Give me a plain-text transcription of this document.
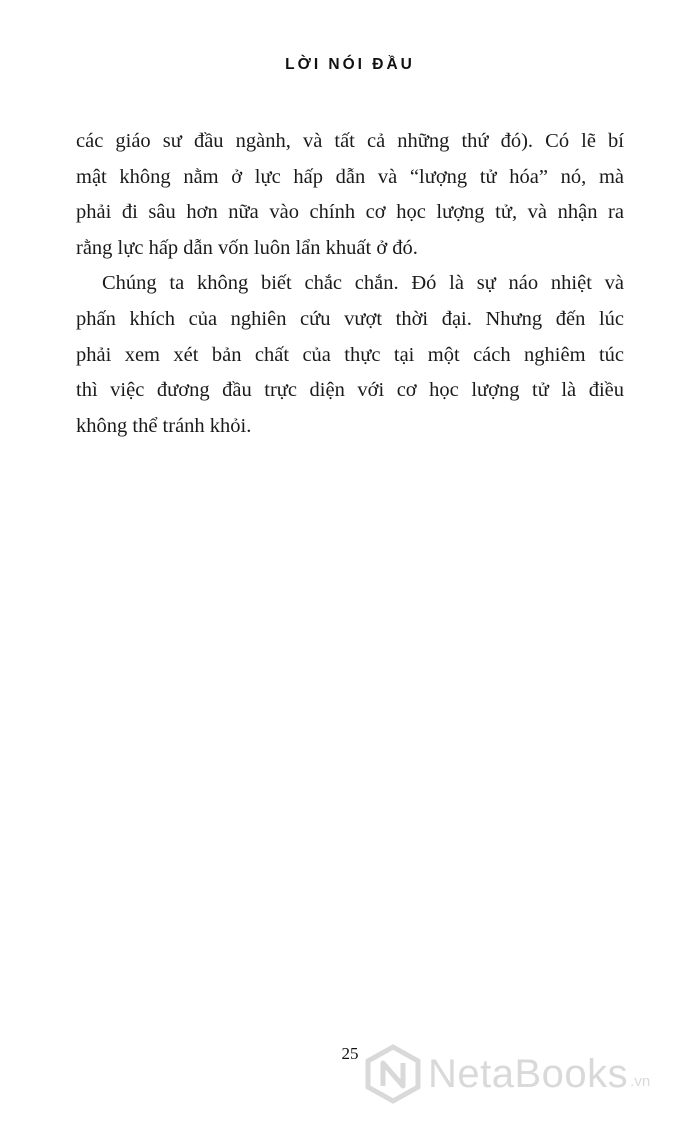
LỜI NÓI ĐẦU

các giáo sư đầu ngành, và tất cả những thứ đó). Có lẽ bí
mật không nằm ở lực hấp dẫn và “lượng tử hóa” nó, mà
phải đi sâu hơn nữa vào chính cơ học lượng tử, và nhận ra
rằng lực hấp dẫn vốn luôn lẩn khuất ở đó.

Chúng ta không biết chắc chắn. Đó là sự náo nhiệt và
phấn khích của nghiên cứu vượt thời đại. Nhưng đến lúc
phải xem xét bản chất của thực tại một cách nghiêm túc
thì việc đương đầu trực diện với cơ học lượng tử là điều
không thể tránh khỏi.

25	NetaBooks .vn
